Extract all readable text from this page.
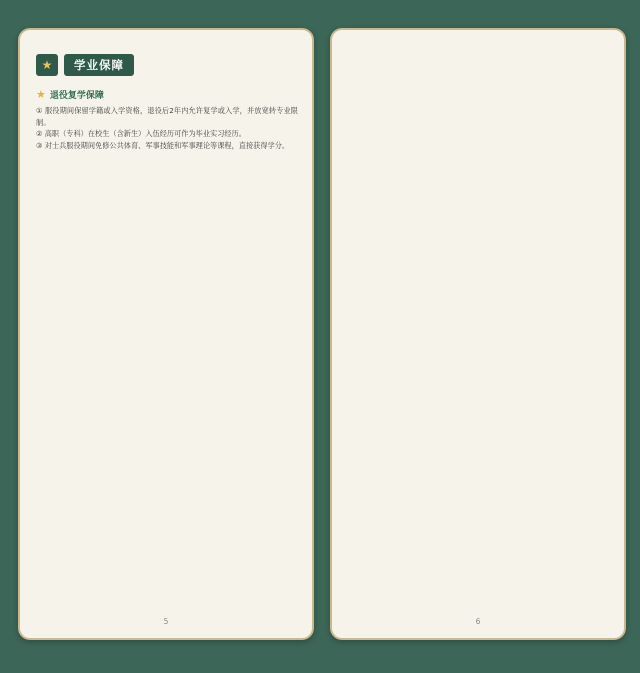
★	学业保障
★ 退役复学保障

① 服役期间保留学籍或入学资格，退役后2年内允许复学或入学，并放宽转专业限制。

② 高职（专科）在校生（含新生）入伍经历可作为毕业实习经历。

③ 对士兵服役期间免修公共体育、军事技能和军事理论等课程，直接获得学分。

5	6
